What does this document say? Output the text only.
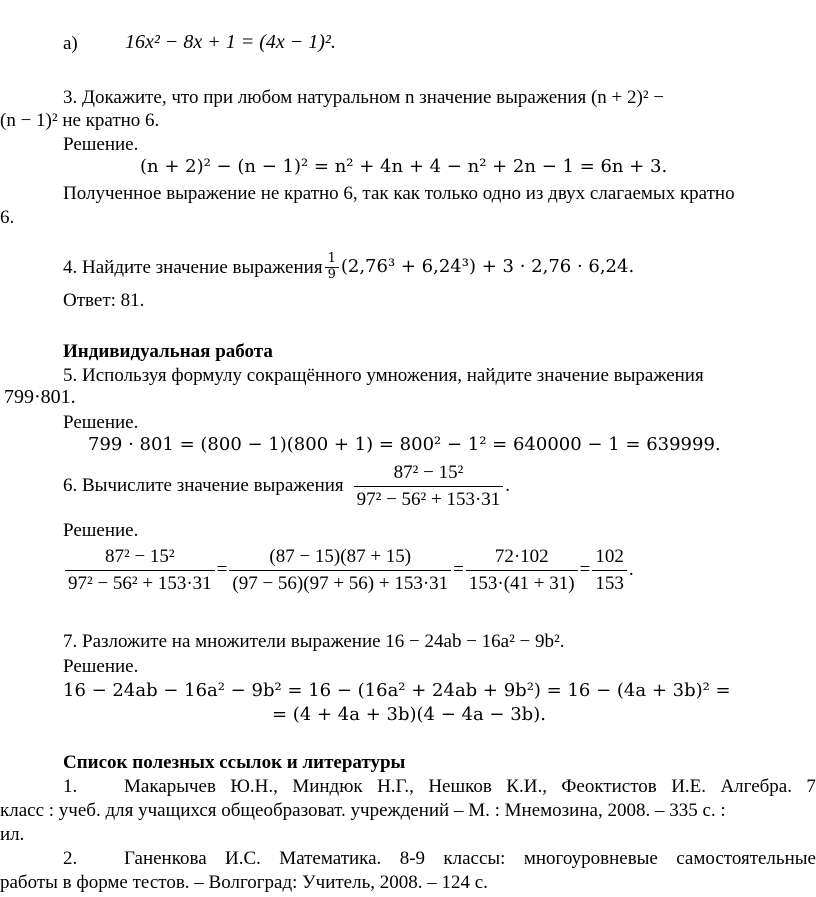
а) 16x² − 8x + 1 = (4x − 1)².
3. Докажите, что при любом натуральном n значение выражения (n + 2)² −
(n − 1)² не кратно 6.
Решение.
(n + 2)² − (n − 1)² = n² + 4n + 4 − n² + 2n − 1 = 6n + 3.
Полученное выражение не кратно 6, так как только одно из двух слагаемых кратно
6.
4. Найдите значение выражения $\frac{1}{9} (2,76^3 + 6,24^3) + 3 \cdot 2,76 \cdot 6,24$.
Ответ: 81.
Индивидуальная работа
5. Используя формулу сокращённого умножения, найдите значение выражения
799·801.
Решение.
799 · 801 = (800 − 1)(800 + 1) = 800² − 1² = 640000 − 1 = 639999.
6. Вычислите значение выражения $\frac{\text{87² − 15²}}{\text{97² − 56² + 153·31}}$ .
Решение.
$\frac{\text{87² − 15²}}{\text{97² − 56² + 153·31}} = \frac{(87 - 15)(87 + 15)}{(97 - 56)(97 + 56) + 153\cdot 31} = \frac{72\cdot 102}{153\cdot(41 + 31)} = \frac{102}{153}$ .
7. Разложите на множители выражение 16 − 24ab − 16a² − 9b².
Решение.
16 − 24ab − 16a² − 9b² = 16 − (16a² + 24ab + 9b²) = 16 − (4a + 3b)² =
= (4 + 4a + 3b)(4 − 4a − 3b).
Список полезных ссылок и литературы
1. Макарычев Ю.Н., Миндюк Н.Г., Нешков К.И., Феоктистов И.Е. Алгебра. 7
класс : учеб. для учащихся общеобразоват. учреждений – М. : Мнемозина, 2008. – 335 с. :
ил.
2. Ганенкова И.С. Математика. 8-9 классы: многоуровневые самостоятельные
работы в форме тестов. – Волгоград: Учитель, 2008. – 124 с.
